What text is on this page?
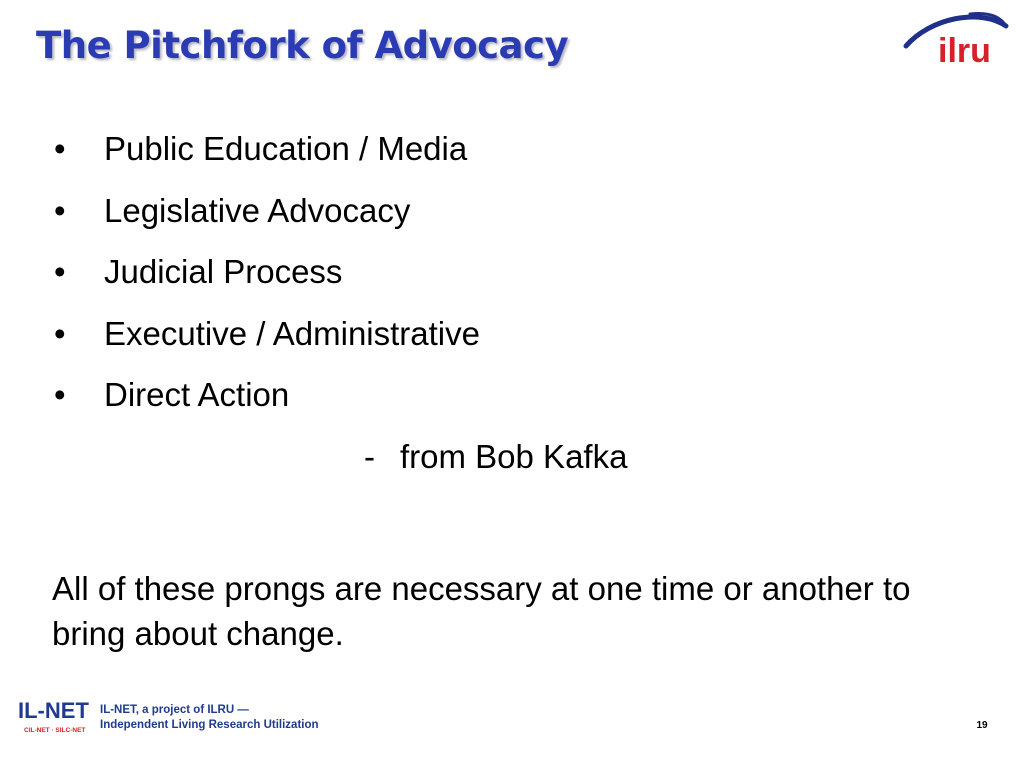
The Pitchfork of Advocacy	ilru
•	Public Education / Media
•	Legislative Advocacy
•	Judicial Process
•	Executive / Administrative
•	Direct Action
- from Bob Kafka
All of these prongs are necessary at one time or another to bring about change.
IL-NET
CIL-NET · SILC-NET
IL-NET, a project of ILRU —
Independent Living Research Utilization	19
